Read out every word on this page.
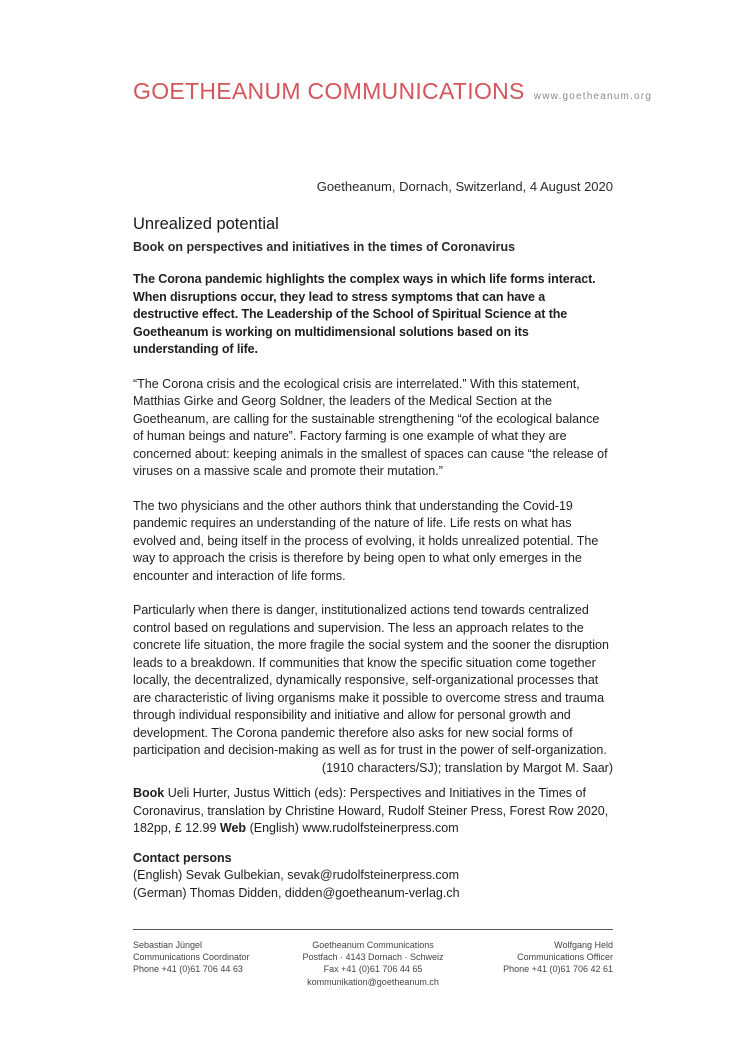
GOETHEANUM COMMUNICATIONS www.goetheanum.org
Goetheanum, Dornach, Switzerland, 4 August 2020
Unrealized potential
Book on perspectives and initiatives in the times of Coronavirus

The Corona pandemic highlights the complex ways in which life forms interact. When disruptions occur, they lead to stress symptoms that can have a destructive effect. The Leadership of the School of Spiritual Science at the Goetheanum is working on multidimensional solutions based on its understanding of life.

“The Corona crisis and the ecological crisis are interrelated.” With this statement, Matthias Girke and Georg Soldner, the leaders of the Medical Section at the Goetheanum, are calling for the sustainable strengthening “of the ecological balance of human beings and nature”. Factory farming is one example of what they are concerned about: keeping animals in the smallest of spaces can cause “the release of viruses on a massive scale and promote their mutation.”

The two physicians and the other authors think that understanding the Covid-19 pandemic requires an understanding of the nature of life. Life rests on what has evolved and, being itself in the process of evolving, it holds unrealized potential. The way to approach the crisis is therefore by being open to what only emerges in the encounter and interaction of life forms.

Particularly when there is danger, institutionalized actions tend towards centralized control based on regulations and supervision. The less an approach relates to the concrete life situation, the more fragile the social system and the sooner the disruption leads to a breakdown. If communities that know the specific situation come together locally, the decentralized, dynamically responsive, self-organizational processes that are characteristic of living organisms make it possible to overcome stress and trauma through individual responsibility and initiative and allow for personal growth and development. The Corona pandemic therefore also asks for new social forms of participation and decision-making as well as for trust in the power of self-organization.

(1910 characters/SJ); translation by Margot M. Saar)

Book Ueli Hurter, Justus Wittich (eds): Perspectives and Initiatives in the Times of Coronavirus, translation by Christine Howard, Rudolf Steiner Press, Forest Row 2020, 182pp, £ 12.99 Web (English) www.rudolfsteinerpress.com

Contact persons
(English) Sevak Gulbekian, sevak@rudolfsteinerpress.com
(German) Thomas Didden, didden@goetheanum-verlag.ch
Sebastian Jüngel
Communications Coordinator
Phone +41 (0)61 706 44 63
Goetheanum Communications
Postfach · 4143 Dornach · Schweiz
Fax +41 (0)61 706 44 65
kommunikation@goetheanum.ch
Wolfgang Held
Communications Officer
Phone +41 (0)61 706 42 61
